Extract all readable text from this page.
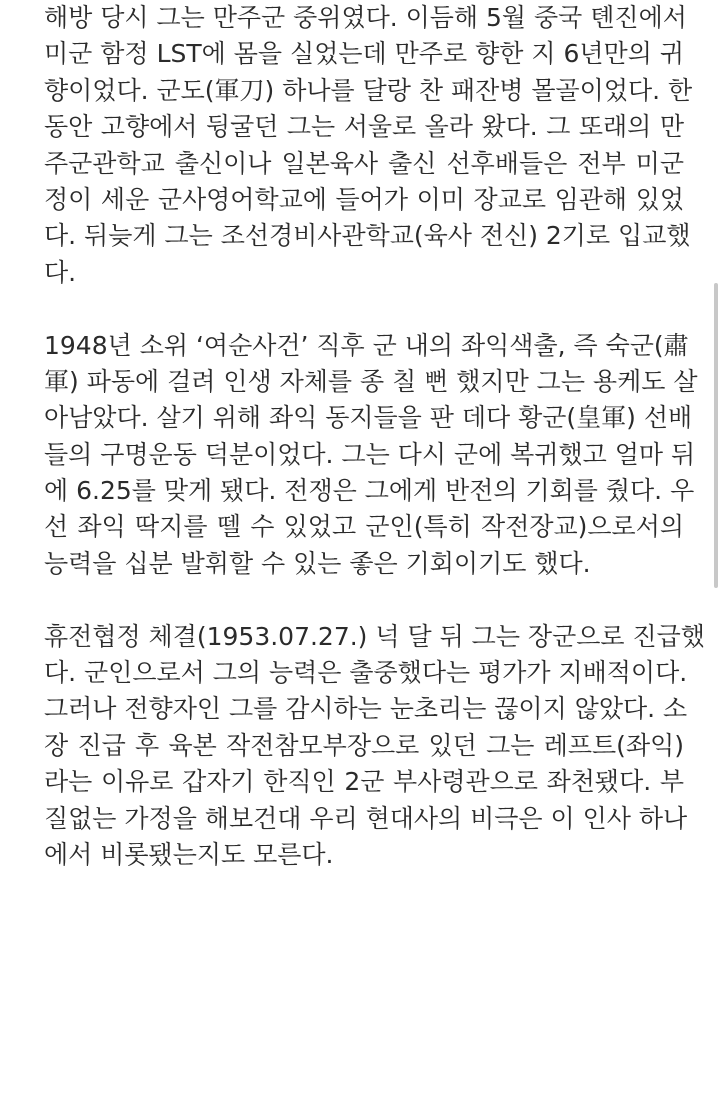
해방 당시 그는 만주군 중위였다. 이듬해 5월 중국 톈진에서
미군 함정 LST에 몸을 실었는데 만주로 향한 지 6년만의 귀
향이었다. 군도(軍刀) 하나를 달랑 찬 패잔병 몰골이었다. 한
동안 고향에서 뒹굴던 그는 서울로 올라 왔다. 그 또래의 만
주군관학교 출신이나 일본육사 출신 선후배들은 전부 미군
정이 세운 군사영어학교에 들어가 이미 장교로 임관해 있었
다. 뒤늦게 그는 조선경비사관학교(육사 전신) 2기로 입교했
다.
1948년 소위 ‘여순사건’ 직후 군 내의 좌익색출, 즉 숙군(肅
軍) 파동에 걸려 인생 자체를 종 칠 뻔 했지만 그는 용케도 살
아남았다. 살기 위해 좌익 동지들을 판 데다 황군(皇軍) 선배
들의 구명운동 덕분이었다. 그는 다시 군에 복귀했고 얼마 뒤
에 6.25를 맞게 됐다. 전쟁은 그에게 반전의 기회를 줬다. 우
선 좌익 딱지를 뗄 수 있었고 군인(특히 작전장교)으로서의
능력을 십분 발휘할 수 있는 좋은 기회이기도 했다.
휴전협정 체결(1953.07.27.) 넉 달 뒤 그는 장군으로 진급했
다. 군인으로서 그의 능력은 출중했다는 평가가 지배적이다.
그러나 전향자인 그를 감시하는 눈초리는 끊이지 않았다. 소
장 진급 후 육본 작전참모부장으로 있던 그는 레프트(좌익)
라는 이유로 갑자기 한직인 2군 부사령관으로 좌천됐다. 부
질없는 가정을 해보건대 우리 현대사의 비극은 이 인사 하나
에서 비롯됐는지도 모른다.
